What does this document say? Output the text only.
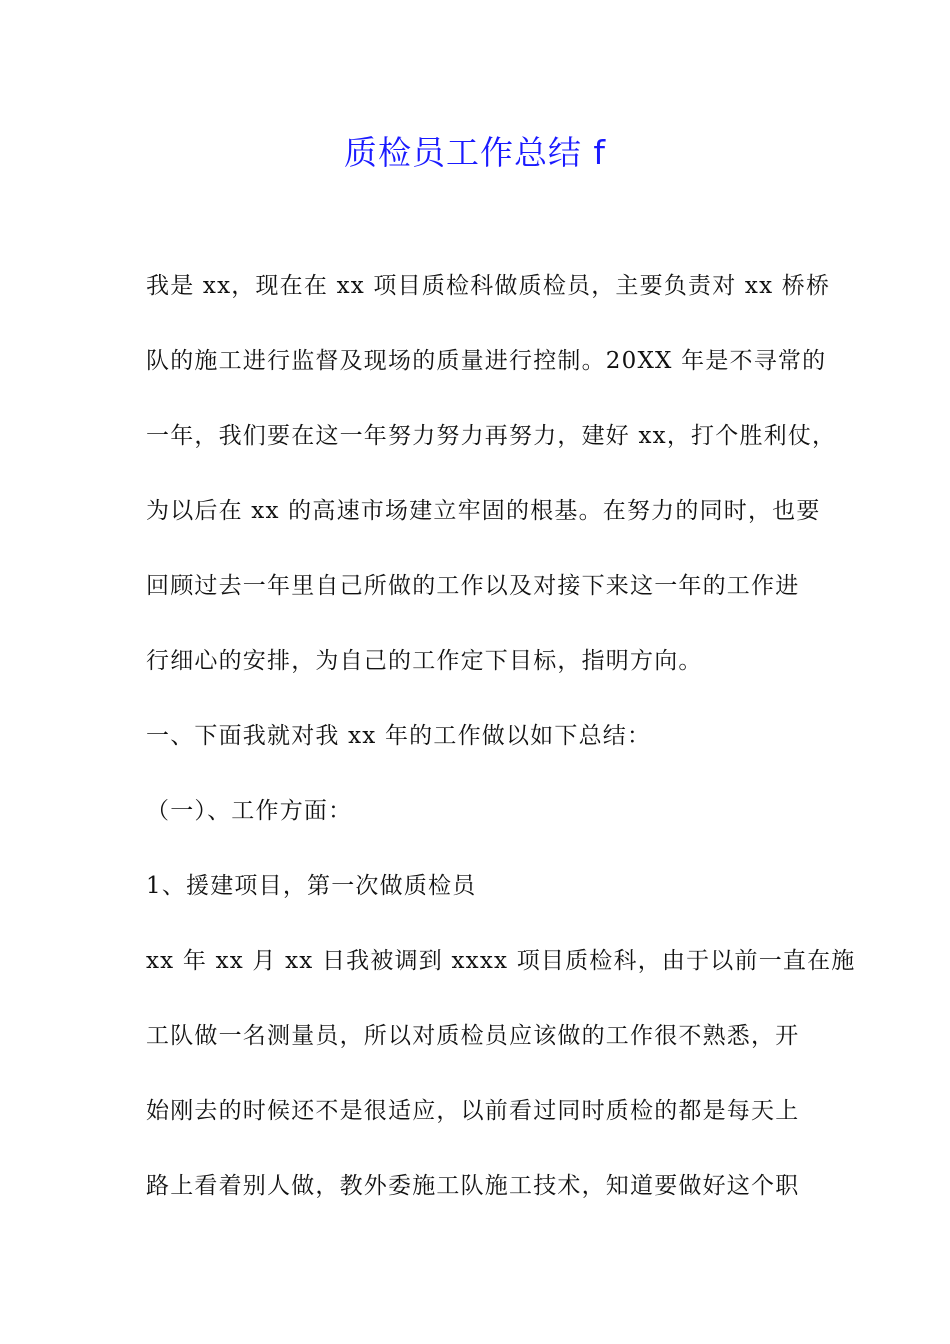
质检员工作总结 f
我是 xx，现在在 xx 项目质检科做质检员，主要负责对 xx 桥桥
队的施工进行监督及现场的质量进行控制。20XX 年是不寻常的
一年，我们要在这一年努力努力再努力，建好 xx，打个胜利仗，
为以后在 xx 的高速市场建立牢固的根基。在努力的同时，也要
回顾过去一年里自己所做的工作以及对接下来这一年的工作进
行细心的安排，为自己的工作定下目标，指明方向。
一、下面我就对我 xx 年的工作做以如下总结：
（一）、工作方面：
1、援建项目，第一次做质检员
xx 年 xx 月 xx 日我被调到 xxxx 项目质检科，由于以前一直在施
工队做一名测量员，所以对质检员应该做的工作很不熟悉，开
始刚去的时候还不是很适应，以前看过同时质检的都是每天上
路上看着别人做，教外委施工队施工技术，知道要做好这个职
